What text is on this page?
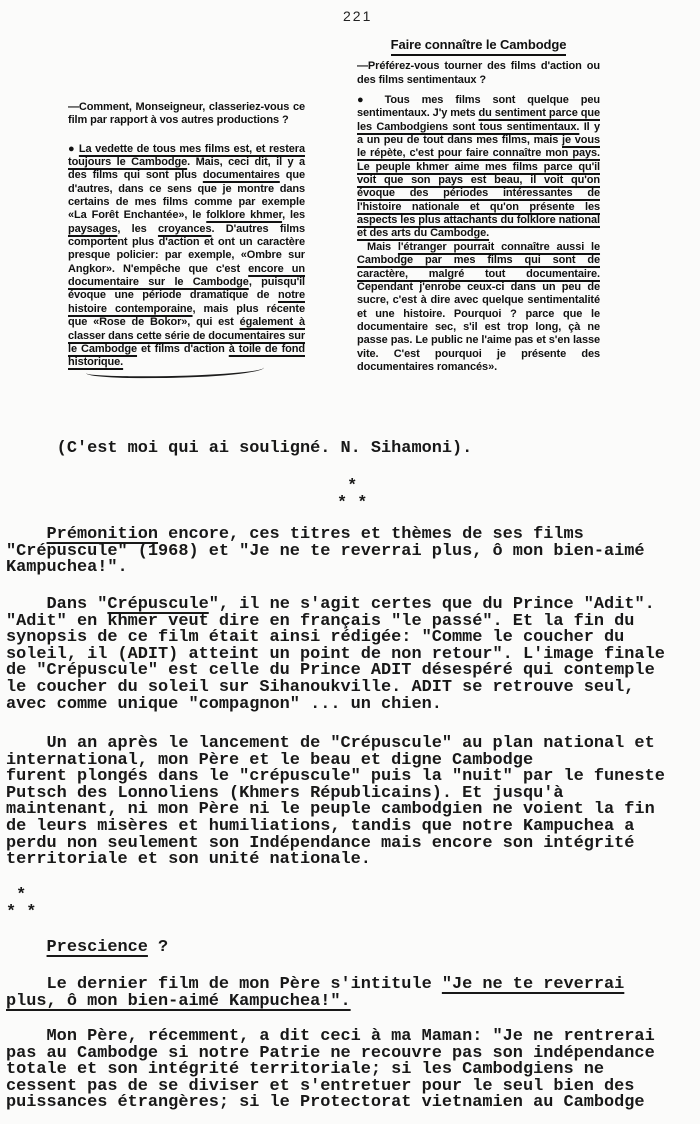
221

—Comment, Monseigneur, classeriez-vous ce film par rapport à vos autres productions ?

● La vedette de tous mes films est, et restera toujours le Cambodge. Mais, ceci dit, il y a des films qui sont plus documentaires que d'autres, dans ce sens que je montre dans certains de mes films comme par exemple «La Forêt Enchantée», le folklore khmer, les paysages, les croyances. D'autres films comportent plus d'action et ont un caractère presque policier: par exemple, «Ombre sur Angkor». N'empêche que c'est encore un documentaire sur le Cambodge, puisqu'il évoque une période dramatique de notre histoire contemporaine, mais plus récente que «Rose de Bokor», qui est également à classer dans cette série de documentaires sur le Cambodge et films d'action à toile de fond historique.

Faire connaître le Cambodge

—Préférez-vous tourner des films d'action ou des films sentimentaux ?

● Tous mes films sont quelque peu sentimentaux. J'y mets du sentiment parce que les Cambodgiens sont tous sentimentaux. Il y a un peu de tout dans mes films, mais je vous le répète, c'est pour faire connaître mon pays. Le peuple khmer aime mes films parce qu'il voit que son pays est beau, il voit qu'on évoque des périodes intéressantes de l'histoire nationale et qu'on présente les aspects les plus attachants du folklore national et des arts du Cambodge.

Mais l'étranger pourrait connaître aussi le Cambodge par mes films qui sont de caractère, malgré tout documentaire. Cependant j'enrobe ceux-ci dans un peu de sucre, c'est à dire avec quelque sentimentalité et une histoire. Pourquoi ? parce que le documentaire sec, s'il est trop long, çà ne passe pas. Le public ne l'aime pas et s'en lasse vite. C'est pourquoi je présente des documentaires romancés».

(C'est moi qui ai souligné. N. Sihamoni).
*
* *
Prémonition encore, ces titres et thèmes de ses films
"Crépuscule" (1968) et "Je ne te reverrai plus, ô mon bien-aimé
Kampuchea!".
Dans "Crépuscule", il ne s'agit certes que du Prince "Adit".
"Adit" en khmer veut dire en français "le passé". Et la fin du
synopsis de ce film était ainsi rédigée: "Comme le coucher du
soleil, il (ADIT) atteint un point de non retour". L'image finale
de "Crépuscule" est celle du Prince ADIT désespéré qui contemple
le coucher du soleil sur Sihanoukville. ADIT se retrouve seul,
avec comme unique "compagnon" ... un chien.
Un an après le lancement de "Crépuscule" au plan national et
international, mon Père et le beau et digne Cambodge
furent plongés dans le "crépuscule" puis la "nuit" par le funeste
Putsch des Lonnoliens (Khmers Républicains). Et jusqu'à
maintenant, ni mon Père ni le peuple cambodgien ne voient la fin
de leurs misères et humiliations, tandis que notre Kampuchea a
perdu non seulement son Indépendance mais encore son intégrité
territoriale et son unité nationale.
*
* *
Prescience ?
Le dernier film de mon Père s'intitule "Je ne te reverrai
plus, ô mon bien-aimé Kampuchea!".
Mon Père, récemment, a dit ceci à ma Maman: "Je ne rentrerai
pas au Cambodge si notre Patrie ne recouvre pas son indépendance
totale et son intégrité territoriale; si les Cambodgiens ne
cessent pas de se diviser et s'entretuer pour le seul bien des
puissances étrangères; si le Protectorat vietnamien au Cambodge
